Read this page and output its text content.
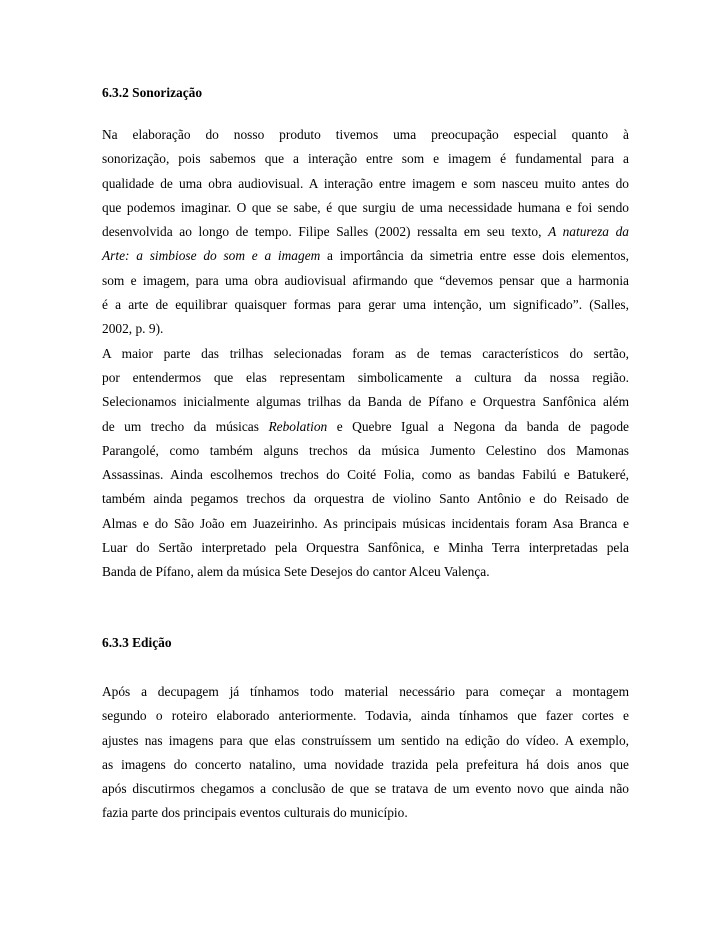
6.3.2 Sonorização
Na elaboração do nosso produto tivemos uma preocupação especial quanto à
sonorização, pois sabemos que a interação entre som e imagem é fundamental para a
qualidade de uma obra audiovisual. A interação entre imagem e som nasceu muito antes do
que podemos imaginar. O que se sabe, é que surgiu de uma necessidade humana e foi sendo
desenvolvida ao longo de tempo. Filipe Salles (2002) ressalta em seu texto, A natureza da
Arte: a simbiose do som e a imagem a importância da simetria entre esse dois elementos,
som e imagem, para uma obra audiovisual afirmando que “devemos pensar que a harmonia
é a arte de equilibrar quaisquer formas para gerar uma intenção, um significado”. (Salles,
2002, p. 9).
A maior parte das trilhas selecionadas foram as de temas característicos do sertão,
por entendermos que elas representam simbolicamente a cultura da nossa região.
Selecionamos inicialmente algumas trilhas da Banda de Pífano e Orquestra Sanfônica além
de um trecho da músicas Rebolation e Quebre Igual a Negona da banda de pagode
Parangolé, como também alguns trechos da música Jumento Celestino dos Mamonas
Assassinas. Ainda escolhemos trechos do Coité Folia, como as bandas Fabilú e Batukeré,
também ainda pegamos trechos da orquestra de violino Santo Antônio e do Reisado de
Almas e do São João em Juazeirinho. As principais músicas incidentais foram Asa Branca e
Luar do Sertão interpretado pela Orquestra Sanfônica, e Minha Terra interpretadas pela
Banda de Pífano, alem da música Sete Desejos do cantor Alceu Valença.
6.3.3 Edição
Após a decupagem já tínhamos todo material necessário para começar a montagem
segundo o roteiro elaborado anteriormente. Todavia, ainda tínhamos que fazer cortes e
ajustes nas imagens para que elas construíssem um sentido na edição do vídeo. A exemplo,
as imagens do concerto natalino, uma novidade trazida pela prefeitura há dois anos que
após discutirmos chegamos a conclusão de que se tratava de um evento novo que ainda não
fazia parte dos principais eventos culturais do município.
